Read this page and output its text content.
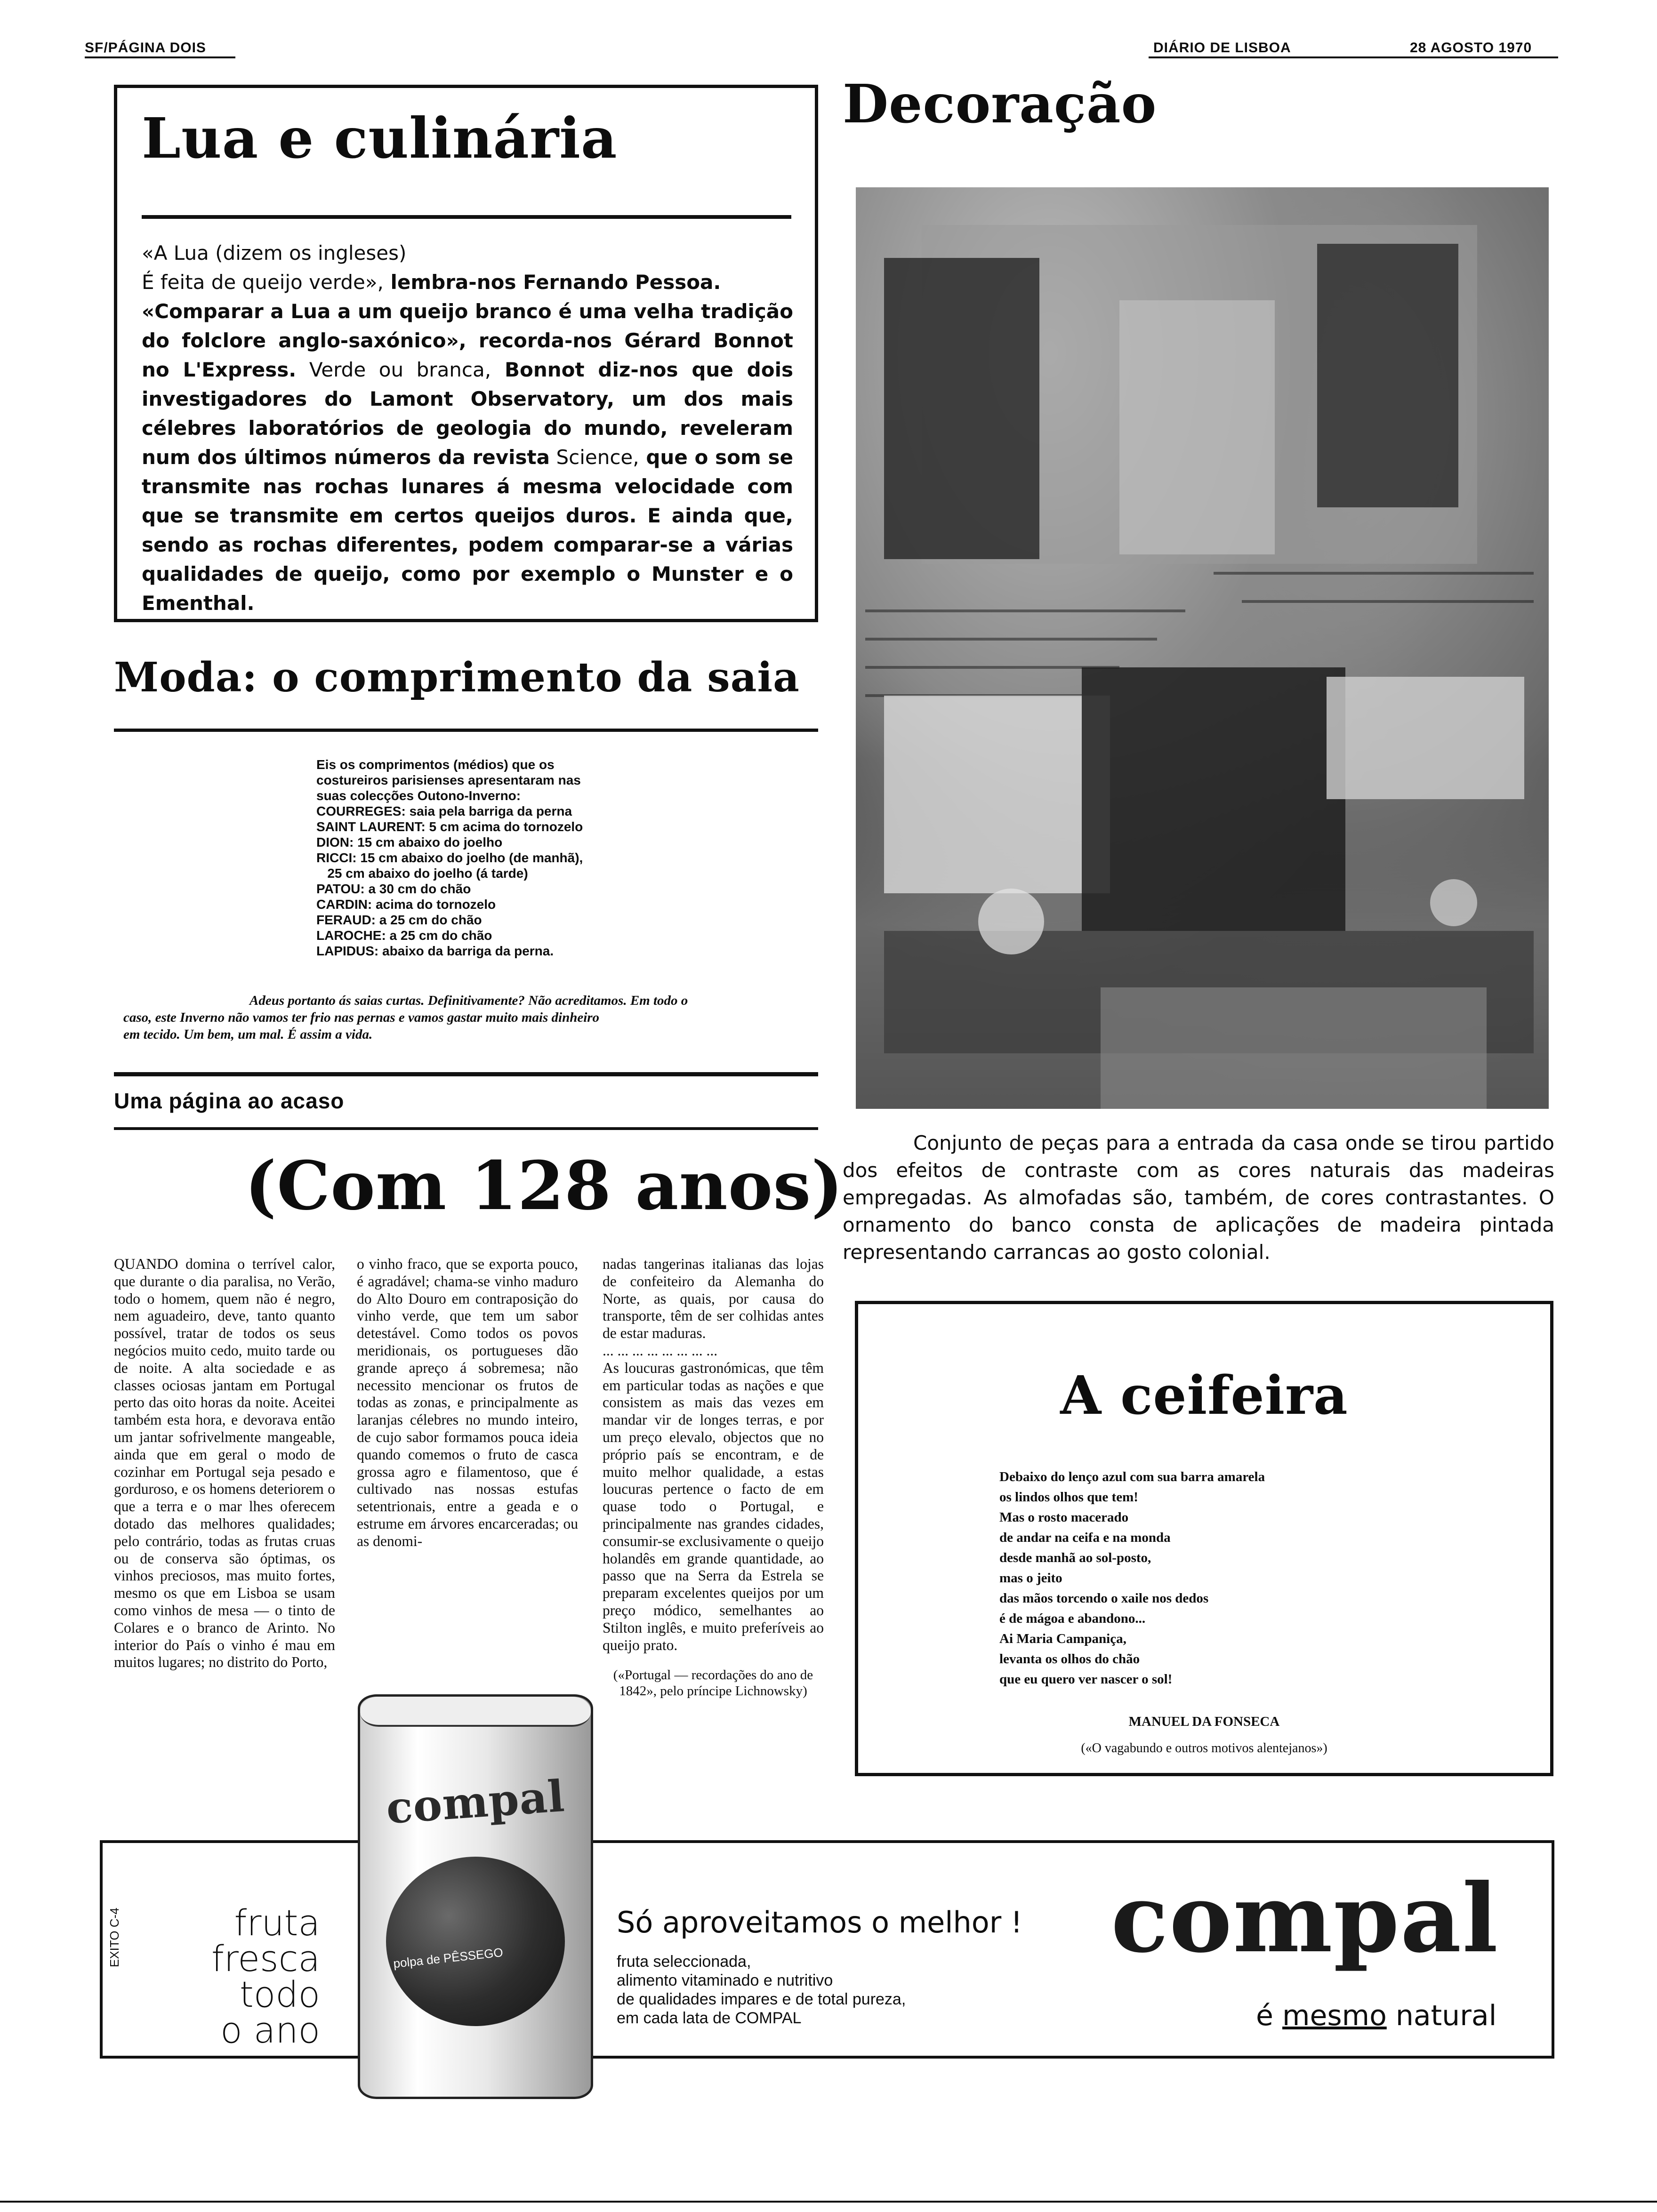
SF/PÁGINA DOIS	DIÁRIO DE LISBOA	28 AGOSTO 1970
Lua e culinária
«A Lua (dizem os ingleses)
É feita de queijo verde», lembra-nos Fernando Pessoa.
«Comparar a Lua a um queijo branco é uma velha tradição do folclore anglo-saxónico», recorda-nos Gérard Bonnot no L'Express. Verde ou branca, Bonnot diz-nos que dois investigadores do Lamont Observatory, um dos mais célebres laboratórios de geologia do mundo, reveleram num dos últimos números da revista Science, que o som se transmite nas rochas lunares á mesma velocidade com que se transmite em certos queijos duros. E ainda que, sendo as rochas diferentes, podem comparar-se a várias qualidades de queijo, como por exemplo o Munster e o Ementhal.
Moda: o comprimento da saia
Eis os comprimentos (médios) que os
costureiros parisienses apresentaram nas
suas colecções Outono-Inverno:
COURREGES: saia pela barriga da perna
SAINT LAURENT: 5 cm acima do tornozelo
DION: 15 cm abaixo do joelho
RICCI: 15 cm abaixo do joelho (de manhã),
25 cm abaixo do joelho (á tarde)
PATOU: a 30 cm do chão
CARDIN: acima do tornozelo
FERAUD: a 25 cm do chão
LAROCHE: a 25 cm do chão
LAPIDUS: abaixo da barriga da perna.
Adeus portanto ás saias curtas. Definitivamente? Não acreditamos. Em todo o
caso, este Inverno não vamos ter frio nas pernas e vamos gastar muito mais dinheiro
em tecido. Um bem, um mal. É assim a vida.
Uma página ao acaso
(Com 128 anos)
QUANDO domina o terrível calor, que durante o dia paralisa, no Verão, todo o homem, quem não é negro, nem aguadeiro, deve, tanto quanto possível, tratar de todos os seus negócios muito cedo, muito tarde ou de noite. A alta sociedade e as classes ociosas jantam em Portugal perto das oito horas da noite. Aceitei também esta hora, e devorava então um jantar sofrivelmente mangeable, ainda que em geral o modo de cozinhar em Portugal seja pesado e gorduroso, e os homens deteriorem o que a terra e o mar lhes oferecem dotado das melhores qualidades; pelo contrário, todas as frutas cruas ou de conserva são óptimas, os vinhos preciosos, mas muito fortes, mesmo os que em Lisboa se usam como vinhos de mesa — o tinto de Colares e o branco de Arinto. No interior do País o vinho é mau em muitos lugares; no distrito do Porto,
o vinho fraco, que se exporta pouco, é agradável; chama-se vinho maduro do Alto Douro em contraposição do vinho verde, que tem um sabor detestável. Como todos os povos meridionais, os portugueses dão grande apreço á sobremesa; não necessito mencionar os frutos de todas as zonas, e principalmente as laranjas célebres no mundo inteiro, de cujo sabor formamos pouca ideia quando comemos o fruto de casca grossa agro e filamentoso, que é cultivado nas nossas estufas setentrionais, entre a geada e o estrume em árvores encarceradas; ou as denomi-

nadas tangerinas italianas das lojas de confeiteiro da Alemanha do Norte, as quais, por causa do transporte, têm de ser colhidas antes de estar maduras.

... ... ... ... ... ... ... ...

As loucuras gastronómicas, que têm em particular todas as nações e que consistem as mais das vezes em mandar vir de longes terras, e por um preço elevalo, objectos que no próprio país se encontram, e de muito melhor qualidade, a estas loucuras pertence o facto de em quase todo o Portugal, e principalmente nas grandes cidades, consumir-se exclusivamente o queijo holandês em grande quantidade, ao passo que na Serra da Estrela se preparam excelentes queijos por um preço módico, semelhantes ao Stilton inglês, e muito preferíveis ao queijo prato.

(«Portugal — recordações do ano de 1842», pelo príncipe Lichnowsky)

Decoração
Conjunto de peças para a entrada da casa onde se tirou partido dos efeitos de contraste com as cores naturais das madeiras empregadas. As almofadas são, também, de cores contrastantes. O ornamento do banco consta de aplicações de madeira pintada representando carrancas ao gosto colonial.
A ceifeira
Debaixo do lenço azul com sua barra amarela
os lindos olhos que tem!
Mas o rosto macerado
de andar na ceifa e na monda
desde manhã ao sol-posto,
mas o jeito
das mãos torcendo o xaile nos dedos
é de mágoa e abandono...
Ai Maria Campaniça,
levanta os olhos do chão
que eu quero ver nascer o sol!
MANUEL DA FONSECA
(«O vagabundo e outros motivos alentejanos»)
EXITO C-4	fruta
fresca
todo
o ano
compal
polpa de PÊSSEGO
Só aproveitamos o melhor !
fruta seleccionada,
alimento vitaminado e nutritivo
de qualidades impares e de total pureza,
em cada lata de COMPAL
compal
é mesmo natural
